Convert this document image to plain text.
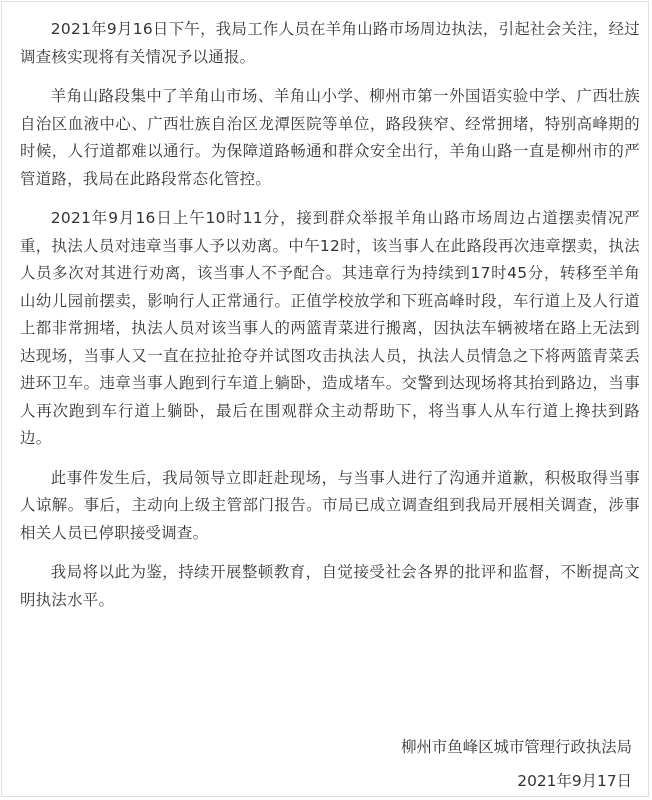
2021年9月16日下午，我局工作人员在羊角山路市场周边执法，引起社会关注，经过调查核实现将有关情况予以通报。

羊角山路段集中了羊角山市场、羊角山小学、柳州市第一外国语实验中学、广西壮族自治区血液中心、广西壮族自治区龙潭医院等单位，路段狭窄、经常拥堵，特别高峰期的时候，人行道都难以通行。为保障道路畅通和群众安全出行，羊角山路一直是柳州市的严管道路，我局在此路段常态化管控。

2021年9月16日上午10时11分，接到群众举报羊角山路市场周边占道摆卖情况严重，执法人员对违章当事人予以劝离。中午12时，该当事人在此路段再次违章摆卖，执法人员多次对其进行劝离，该当事人不予配合。其违章行为持续到17时45分，转移至羊角山幼儿园前摆卖，影响行人正常通行。正值学校放学和下班高峰时段，车行道上及人行道上都非常拥堵，执法人员对该当事人的两篮青菜进行搬离，因执法车辆被堵在路上无法到达现场，当事人又一直在拉扯抢夺并试图攻击执法人员，执法人员情急之下将两篮青菜丢进环卫车。违章当事人跑到行车道上躺卧，造成堵车。交警到达现场将其抬到路边，当事人再次跑到车行道上躺卧，最后在围观群众主动帮助下，将当事人从车行道上搀扶到路边。

此事件发生后，我局领导立即赶赴现场，与当事人进行了沟通并道歉，积极取得当事人谅解。事后，主动向上级主管部门报告。市局已成立调查组到我局开展相关调查，涉事相关人员已停职接受调查。

我局将以此为鉴，持续开展整顿教育，自觉接受社会各界的批评和监督，不断提高文明执法水平。

柳州市鱼峰区城市管理行政执法局
2021年9月17日
